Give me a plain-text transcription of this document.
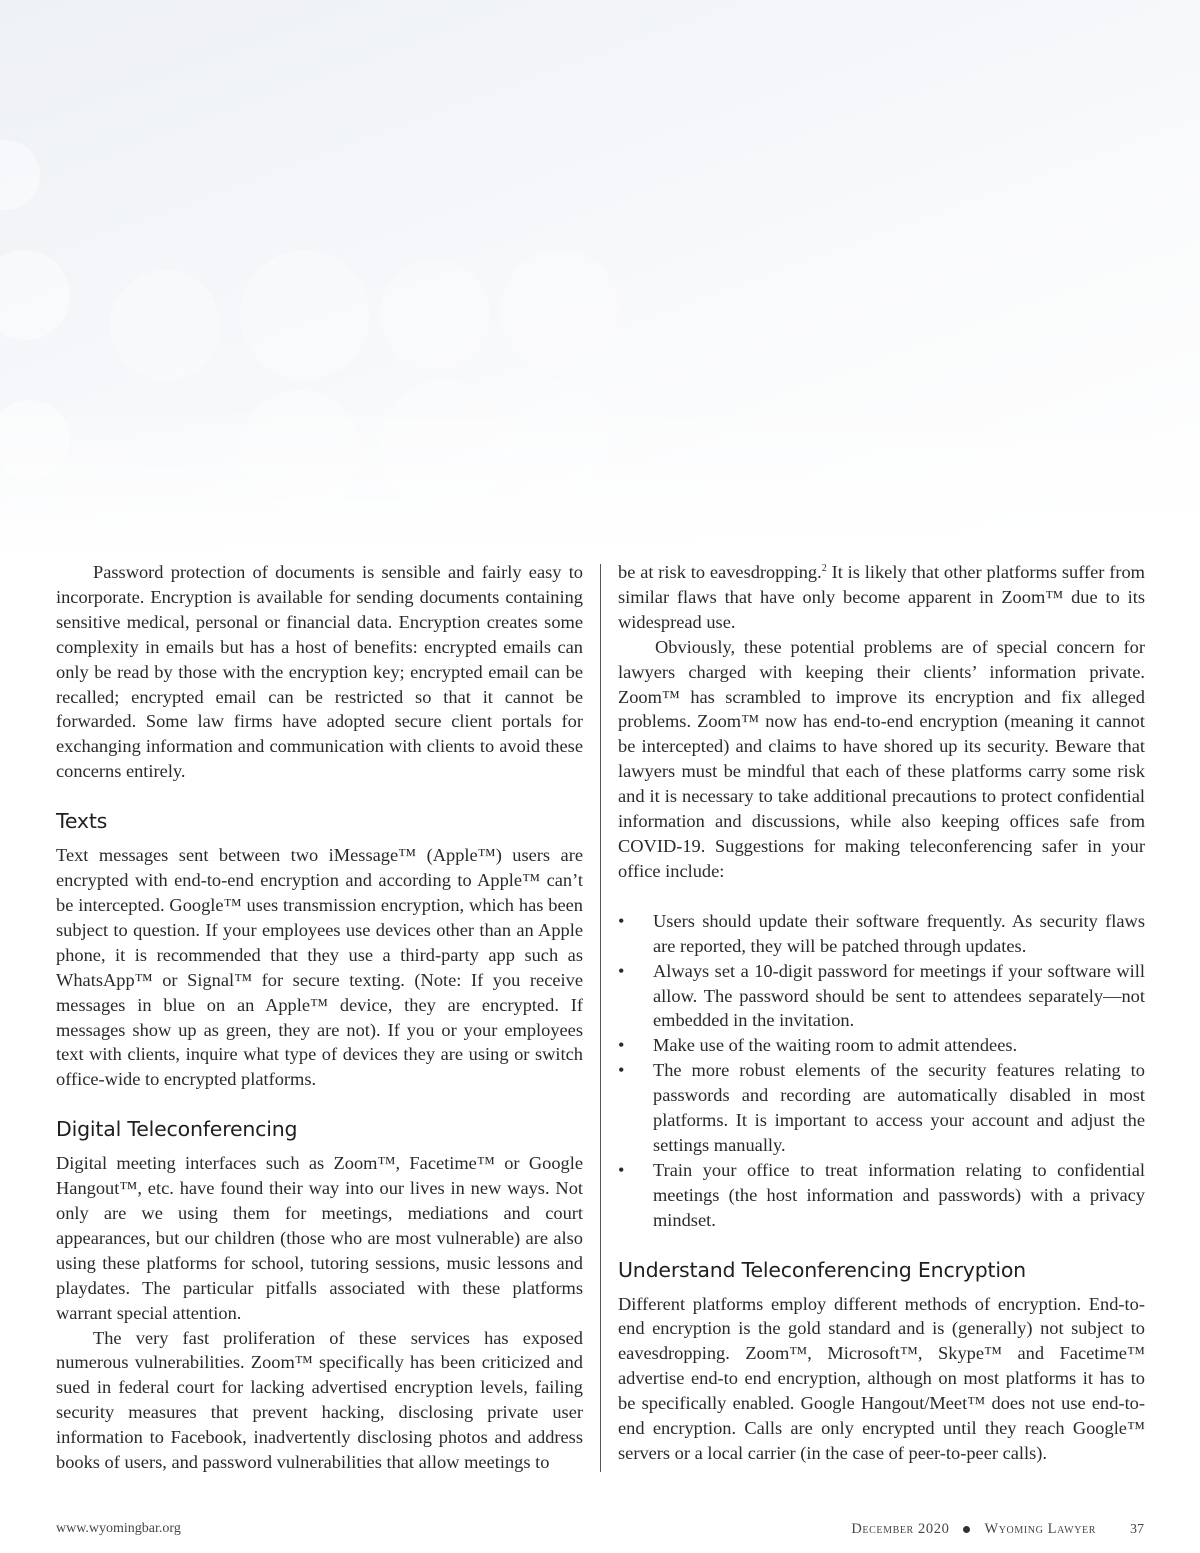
Password protection of documents is sensible and fairly easy to incorporate. Encryption is available for sending documents containing sensitive medical, personal or financial data. Encryption creates some complexity in emails but has a host of benefits: encrypted emails can only be read by those with the encryption key; encrypted email can be recalled; encrypted email can be restricted so that it cannot be forwarded. Some law firms have adopted secure client portals for exchanging information and communication with clients to avoid these concerns entirely.

Texts

Text messages sent between two iMessage™ (Apple™) users are encrypted with end-to-end encryption and according to Apple™ can’t be intercepted. Google™ uses transmission encryption, which has been subject to question. If your employees use devices other than an Apple phone, it is recommended that they use a third-party app such as WhatsApp™ or Signal™ for secure texting. (Note: If you receive messages in blue on an Apple™ device, they are encrypted. If messages show up as green, they are not). If you or your employees text with clients, inquire what type of devices they are using or switch office-wide to encrypted platforms.

Digital Teleconferencing

Digital meeting interfaces such as Zoom™, Facetime™ or Google Hangout™, etc. have found their way into our lives in new ways. Not only are we using them for meetings, mediations and court appearances, but our children (those who are most vulnerable) are also using these platforms for school, tutoring sessions, music lessons and playdates. The particular pitfalls associated with these platforms warrant special attention.

The very fast proliferation of these services has exposed numerous vulnerabilities. Zoom™ specifically has been criticized and sued in federal court for lacking advertised encryption levels, failing security measures that prevent hacking, disclosing private user information to Facebook, inadvertently disclosing photos and address books of users, and password vulnerabilities that allow meetings to

be at risk to eavesdropping.$^2$ It is likely that other platforms suffer from similar flaws that have only become apparent in Zoom™ due to its widespread use.

Obviously, these potential problems are of special concern for lawyers charged with keeping their clients’ information private. Zoom™ has scrambled to improve its encryption and fix alleged problems. Zoom™ now has end-to-end encryption (meaning it cannot be intercepted) and claims to have shored up its security. Beware that lawyers must be mindful that each of these platforms carry some risk and it is necessary to take additional precautions to protect confidential information and discussions, while also keeping offices safe from COVID-19. Suggestions for making teleconferencing safer in your office include:

• Users should update their software frequently. As security flaws are reported, they will be patched through updates.
• Always set a 10-digit password for meetings if your software will allow. The password should be sent to attendees separately—not embedded in the invitation.
• Make use of the waiting room to admit attendees.
• The more robust elements of the security features relating to passwords and recording are automatically disabled in most platforms. It is important to access your account and adjust the settings manually.
• Train your office to treat information relating to confidential meetings (the host information and passwords) with a privacy mindset.
Understand Teleconferencing Encryption

Different platforms employ different methods of encryption. End-to-end encryption is the gold standard and is (generally) not subject to eavesdropping. Zoom™, Microsoft™, Skype™ and Facetime™ advertise end-to end encryption, although on most platforms it has to be specifically enabled. Google Hangout/Meet™ does not use end-to-end encryption. Calls are only encrypted until they reach Google™ servers or a local carrier (in the case of peer-to-peer calls).

www.wyomingbar.org	December 2020 Wyoming Lawyer 37
